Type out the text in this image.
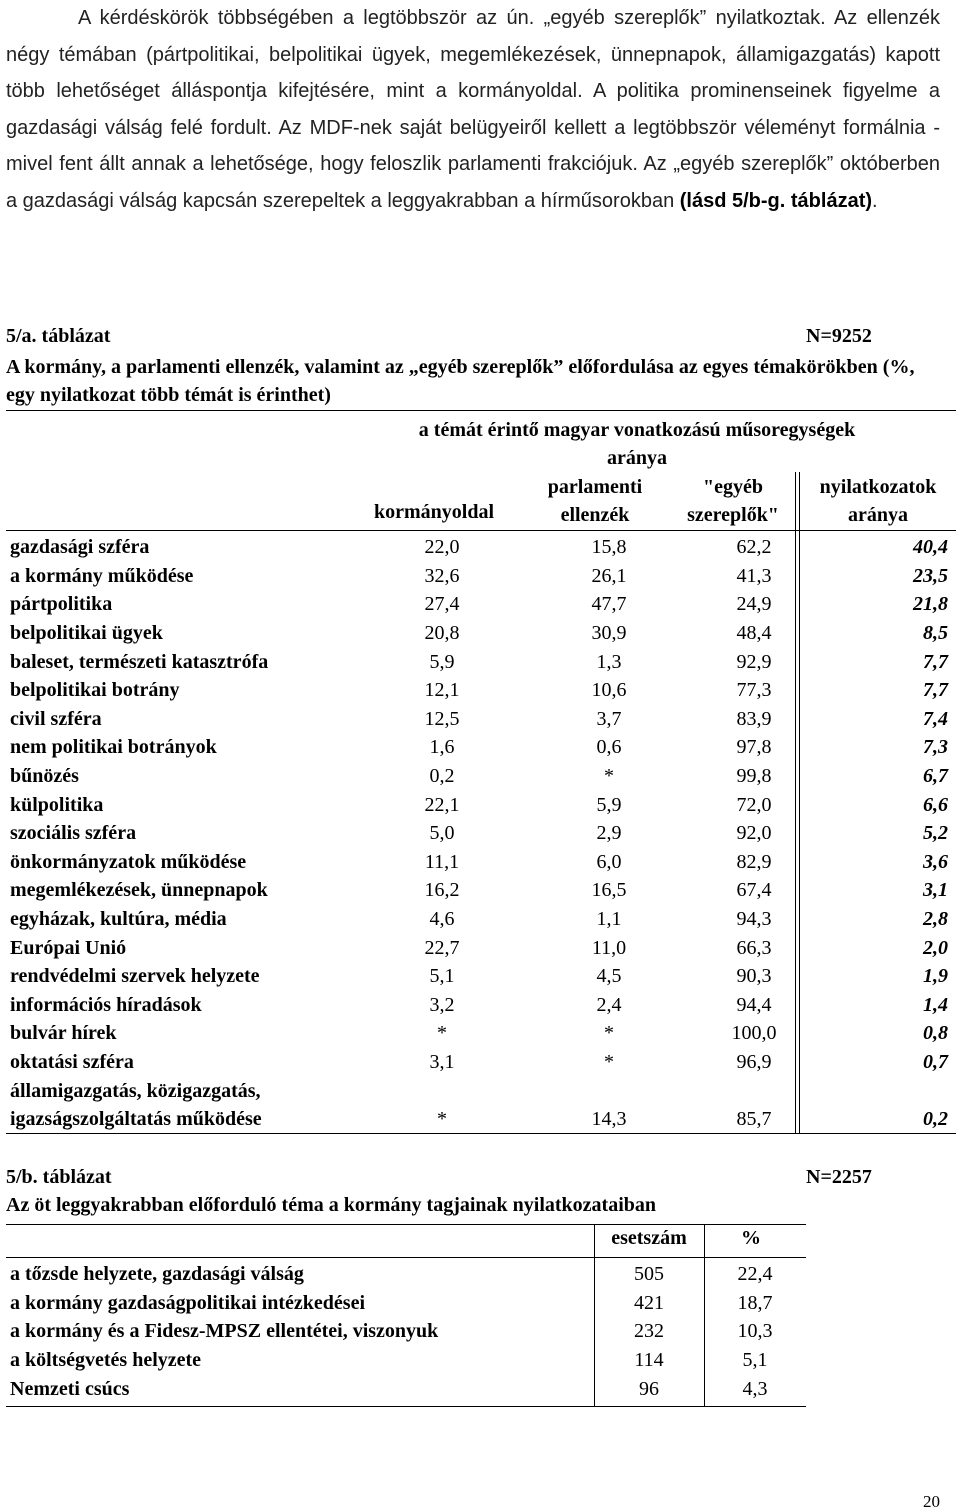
A kérdéskörök többségében a legtöbbször az ún. „egyéb szereplők” nyilatkoztak. Az ellenzék négy témában (pártpolitikai, belpolitikai ügyek, megemlékezések, ünnepnapok, államigazgatás) kapott több lehetőséget álláspontja kifejtésére, mint a kormányoldal. A politika prominenseinek figyelme a gazdasági válság felé fordult. Az MDF-nek saját belügyeiről kellett a legtöbbször véleményt formálnia - mivel fent állt annak a lehetősége, hogy feloszlik parlamenti frakciójuk. Az „egyéb szereplők” októberben a gazdasági válság kapcsán szerepeltek a leggyakrabban a hírműsorokban (lásd 5/b-g. táblázat).
5/a. táblázat	N=9252
A kormány, a parlamenti ellenzék, valamint az „egyéb szereplők” előfordulása az egyes témakörökben (%, egy nyilatkozat több témát is érinthet)
a témát érintő magyar vonatkozású műsoregységek
aránya
kormányoldal
parlamenti
ellenzék
"egyéb
szereplők"
nyilatkozatok
aránya
gazdasági szféra	22,0	15,8	62,2	40,4
a kormány működése	32,6	26,1	41,3	23,5
pártpolitika	27,4	47,7	24,9	21,8
belpolitikai ügyek	20,8	30,9	48,4	8,5
baleset, természeti katasztrófa	5,9	1,3	92,9	7,7
belpolitikai botrány	12,1	10,6	77,3	7,7
civil szféra	12,5	3,7	83,9	7,4
nem politikai botrányok	1,6	0,6	97,8	7,3
bűnözés	0,2	*	99,8	6,7
külpolitika	22,1	5,9	72,0	6,6
szociális szféra	5,0	2,9	92,0	5,2
önkormányzatok működése	11,1	6,0	82,9	3,6
megemlékezések, ünnepnapok	16,2	16,5	67,4	3,1
egyházak, kultúra, média	4,6	1,1	94,3	2,8
Európai Unió	22,7	11,0	66,3	2,0
rendvédelmi szervek helyzete	5,1	4,5	90,3	1,9
információs híradások	3,2	2,4	94,4	1,4
bulvár hírek	*	*	100,0	0,8
oktatási szféra	3,1	*	96,9	0,7
államigazgatás, közigazgatás,				
igazságszolgáltatás működése	*	14,3	85,7	0,2
5/b. táblázat	N=2257
Az öt leggyakrabban előforduló téma a kormány tagjainak nyilatkozataiban
esetszám	%
a tőzsde helyzete, gazdasági válság	505	22,4
a kormány gazdaságpolitikai intézkedései	421	18,7
a kormány és a Fidesz-MPSZ ellentétei, viszonyuk	232	10,3
a költségvetés helyzete	114	5,1
Nemzeti csúcs	96	4,3
20
